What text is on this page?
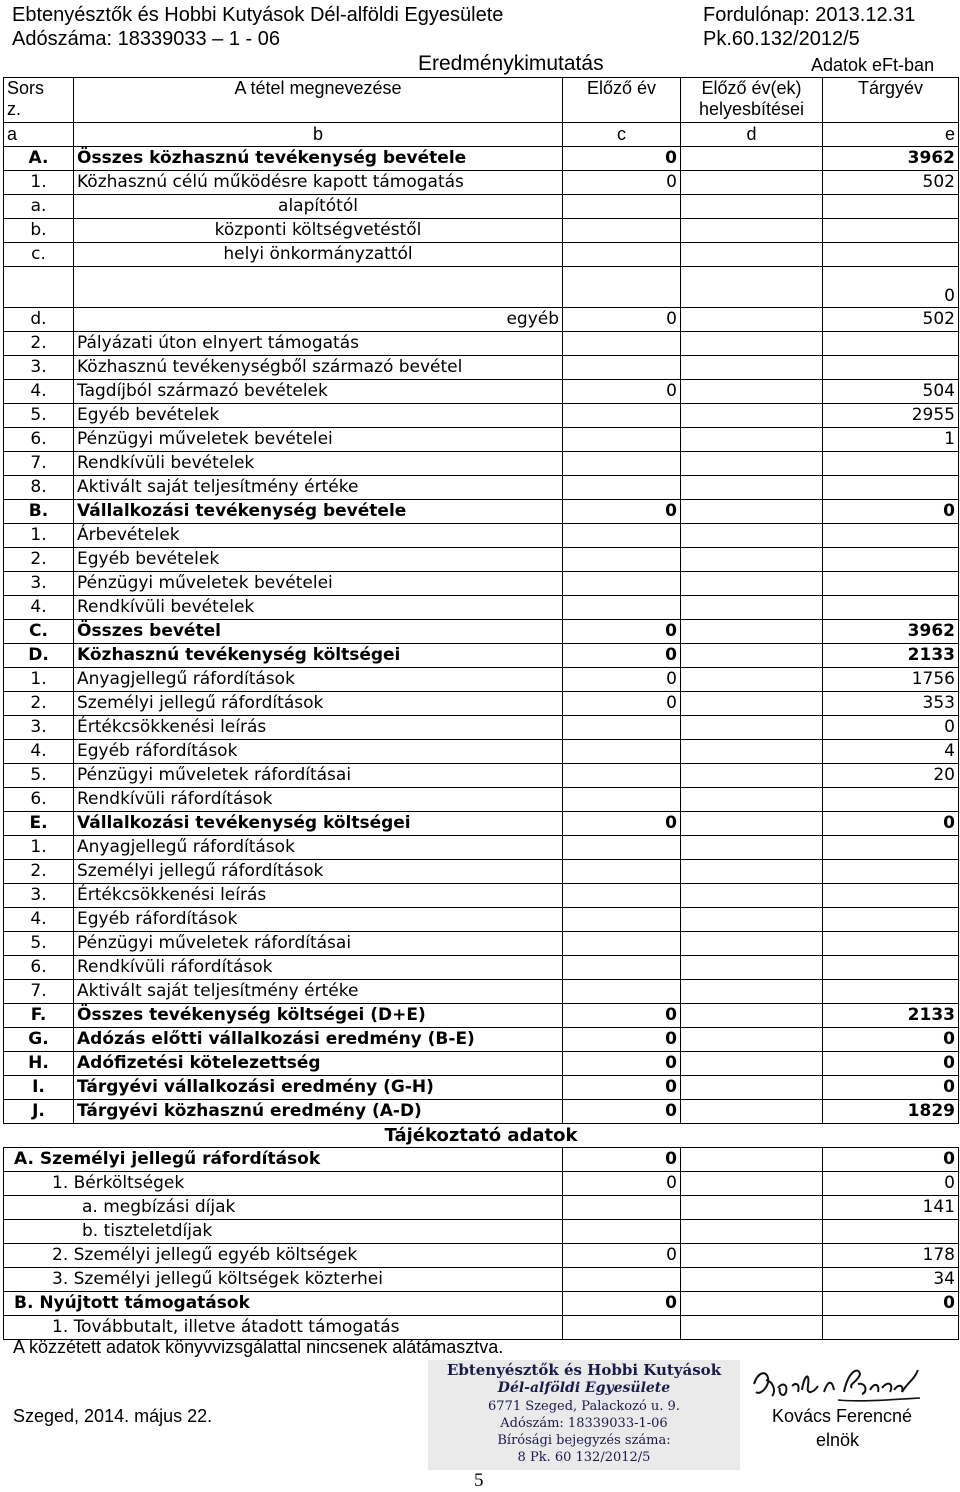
Ebtenyésztők és Hobbi Kutyások Dél-alföldi Egyesülete
Adószáma: 18339033 – 1 - 06
Fordulónap: 2013.12.31
Pk.60.132/2012/5
Eredménykimutatás	Adatok eFt-ban
Sors
z.	A tétel megnevezése	Előző év	Előző év(ek)
helyesbítései	Tárgyév
a	b	c	d	e
A.	Összes közhasznú tevékenység bevétele	0		3962
1.	Közhasznú célú működésre kapott támogatás	0		502
a.	alapítótól			
b.	központi költségvetéstől			
c.	helyi önkormányzattól			
				0
d.	egyéb	0		502
2.	Pályázati úton elnyert támogatás			
3.	Közhasznú tevékenységből származó bevétel			
4.	Tagdíjból származó bevételek	0		504
5.	Egyéb bevételek			2955
6.	Pénzügyi műveletek bevételei			1
7.	Rendkívüli bevételek			
8.	Aktivált saját teljesítmény értéke			
B.	Vállalkozási tevékenység bevétele	0		0
1.	Árbevételek			
2.	Egyéb bevételek			
3.	Pénzügyi műveletek bevételei			
4.	Rendkívüli bevételek			
C.	Összes bevétel	0		3962
D.	Közhasznú tevékenység költségei	0		2133
1.	Anyagjellegű ráfordítások	0		1756
2.	Személyi jellegű ráfordítások	0		353
3.	Értékcsökkenési leírás			0
4.	Egyéb ráfordítások			4
5.	Pénzügyi műveletek ráfordításai			20
6.	Rendkívüli ráfordítások			
E.	Vállalkozási tevékenység költségei	0		0
1.	Anyagjellegű ráfordítások			
2.	Személyi jellegű ráfordítások			
3.	Értékcsökkenési leírás			
4.	Egyéb ráfordítások			
5.	Pénzügyi műveletek ráfordításai			
6.	Rendkívüli ráfordítások			
7.	Aktivált saját teljesítmény értéke			
F.	Összes tevékenység költségei (D+E)	0		2133
G.	Adózás előtti vállalkozási eredmény (B-E)	0		0
H.	Adófizetési kötelezettség	0		0
I.	Tárgyévi vállalkozási eredmény (G-H)	0		0
J.	Tárgyévi közhasznú eredmény (A-D)	0		1829
Tájékoztató adatok				
A. Személyi jellegű ráfordítások		0		0
1. Bérköltségek		0		0
a. megbízási díjak				141
b. tiszteletdíjak				
2. Személyi jellegű egyéb költségek		0		178
3. Személyi jellegű költségek közterhei				34
B. Nyújtott támogatások		0		0
1. Továbbutalt, illetve átadott támogatás				
A közzétett adatok könyvvizsgálattal nincsenek alátámasztva.
Szeged, 2014. május 22.	Kovács Ferencné
elnök
5
Ebtenyésztők és Hobbi Kutyások
Dél-alföldi Egyesülete
6771 Szeged, Palackozó u. 9.
Adószám: 18339033-1-06
Bírósági bejegyzés száma:
8 Pk. 60 132/2012/5
